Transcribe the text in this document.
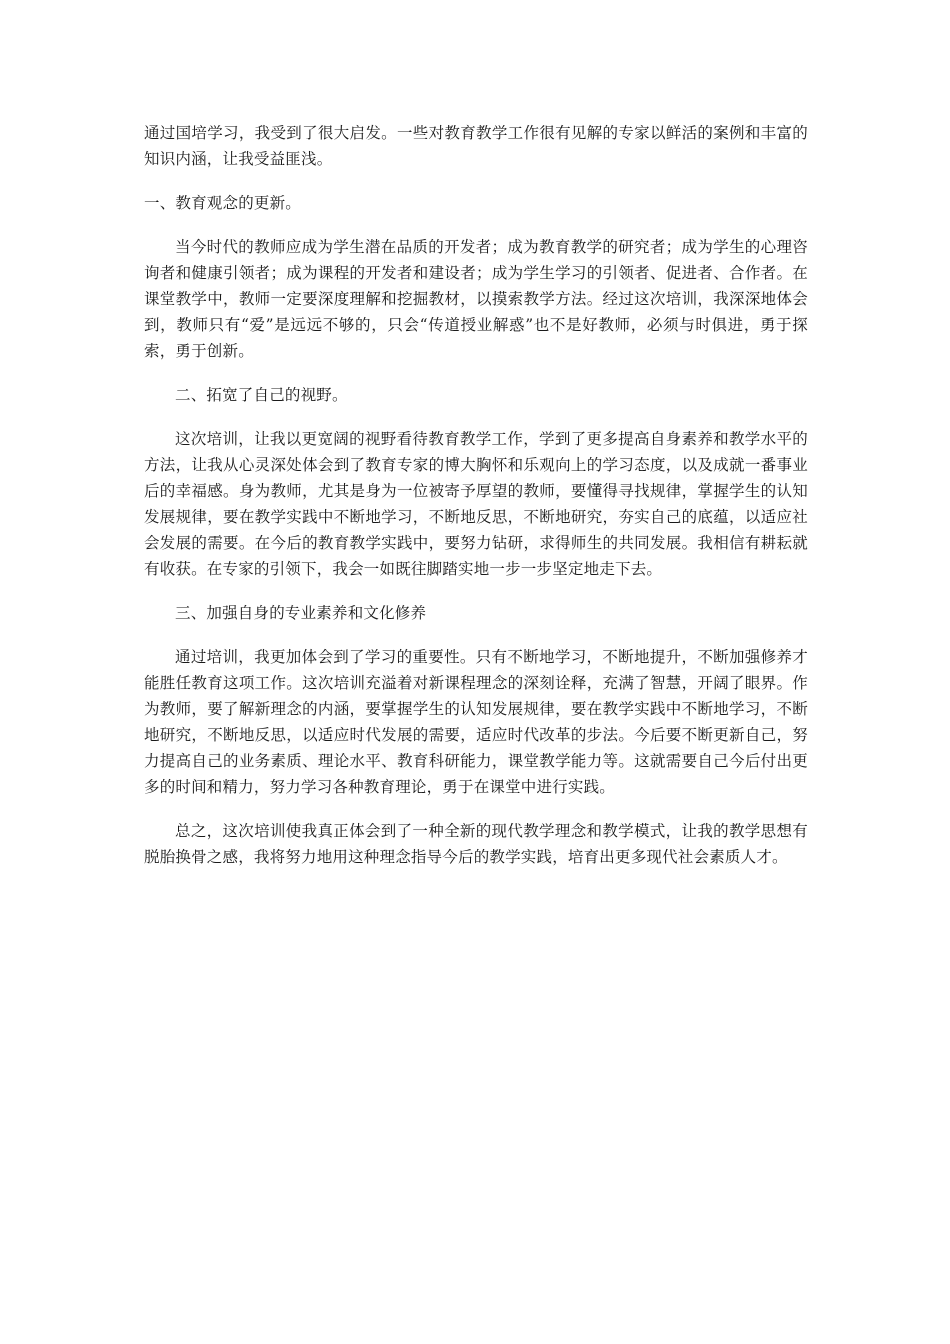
通过国培学习，我受到了很大启发。一些对教育教学工作很有见解的专家以鲜活的案例和丰富的知识内涵，让我受益匪浅。

一、教育观念的更新。

当今时代的教师应成为学生潜在品质的开发者；成为教育教学的研究者；成为学生的心理咨询者和健康引领者；成为课程的开发者和建设者；成为学生学习的引领者、促进者、合作者。在课堂教学中，教师一定要深度理解和挖掘教材，以摸索教学方法。经过这次培训，我深深地体会到，教师只有“爱”是远远不够的，只会“传道授业解惑”也不是好教师，必须与时俱进，勇于探索，勇于创新。

二、拓宽了自己的视野。

这次培训，让我以更宽阔的视野看待教育教学工作，学到了更多提高自身素养和教学水平的方法，让我从心灵深处体会到了教育专家的博大胸怀和乐观向上的学习态度，以及成就一番事业后的幸福感。身为教师，尤其是身为一位被寄予厚望的教师，要懂得寻找规律，掌握学生的认知发展规律，要在教学实践中不断地学习，不断地反思，不断地研究，夯实自己的底蕴，以适应社会发展的需要。在今后的教育教学实践中，要努力钻研，求得师生的共同发展。我相信有耕耘就有收获。在专家的引领下，我会一如既往脚踏实地一步一步坚定地走下去。

三、加强自身的专业素养和文化修养

通过培训，我更加体会到了学习的重要性。只有不断地学习，不断地提升，不断加强修养才能胜任教育这项工作。这次培训充溢着对新课程理念的深刻诠释，充满了智慧，开阔了眼界。作为教师，要了解新理念的内涵，要掌握学生的认知发展规律，要在教学实践中不断地学习，不断地研究，不断地反思，以适应时代发展的需要，适应时代改革的步法。今后要不断更新自己，努力提高自己的业务素质、理论水平、教育科研能力，课堂教学能力等。这就需要自己今后付出更多的时间和精力，努力学习各种教育理论，勇于在课堂中进行实践。

总之，这次培训使我真正体会到了一种全新的现代教学理念和教学模式，让我的教学思想有脱胎换骨之感，我将努力地用这种理念指导今后的教学实践，培育出更多现代社会素质人才。
